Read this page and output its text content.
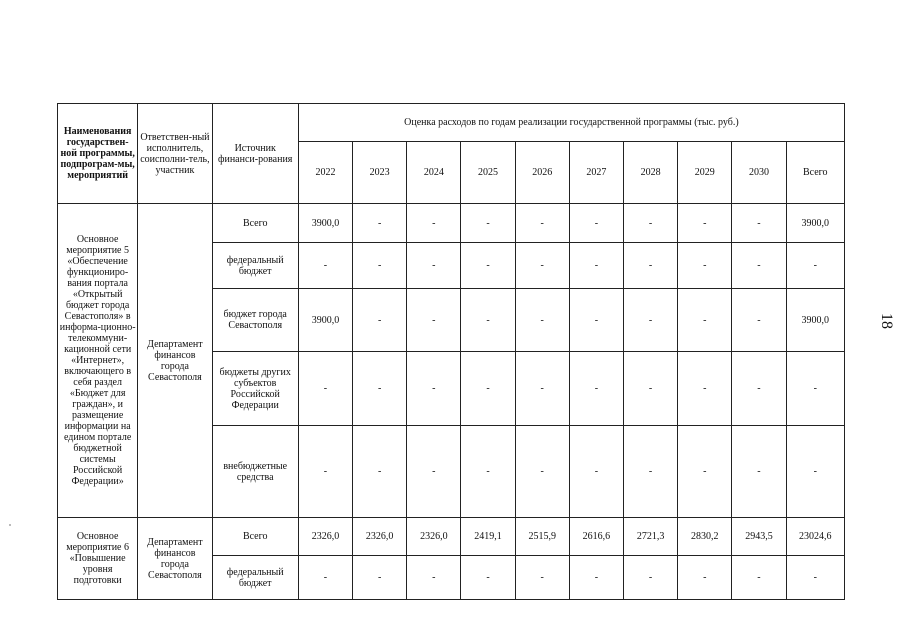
Наименования государствен-ной программы, подпрограм-мы, мероприятий	Ответствен-ный исполнитель, соисполни-тель, участник	Источник финанси-рования	Оценка расходов по годам реализации государственной программы (тыс. руб.)									
			2022	2023	2024	2025	2026	2027	2028	2029	2030	Всего
Основное мероприятие 5 «Обеспечение функциониро-вания портала «Открытый бюджет города Севастополя» в информа-ционно-телекоммуни-кационной сети «Интернет», включающего в себя раздел «Бюджет для граждан», и размещение информации на едином портале бюджетной системы Российской Федерации»	Департамент финансов города Севастополя	Всего	3900,0	-	-	-	-	-	-	-	-	3900,0
		федеральный бюджет	-	-	-	-	-	-	-	-	-	-
		бюджет города Севастополя	3900,0	-	-	-	-	-	-	-	-	3900,0
		бюджеты других субъектов Российской Федерации	-	-	-	-	-	-	-	-	-	-
		внебюджетные средства	-	-	-	-	-	-	-	-	-	-
Основное мероприятие 6 «Повышение уровня подготовки	Департамент финансов города Севастополя	Всего	2326,0	2326,0	2326,0	2419,1	2515,9	2616,6	2721,3	2830,2	2943,5	23024,6
		федеральный бюджет	-	-	-	-	-	-	-	-	-	-
18
